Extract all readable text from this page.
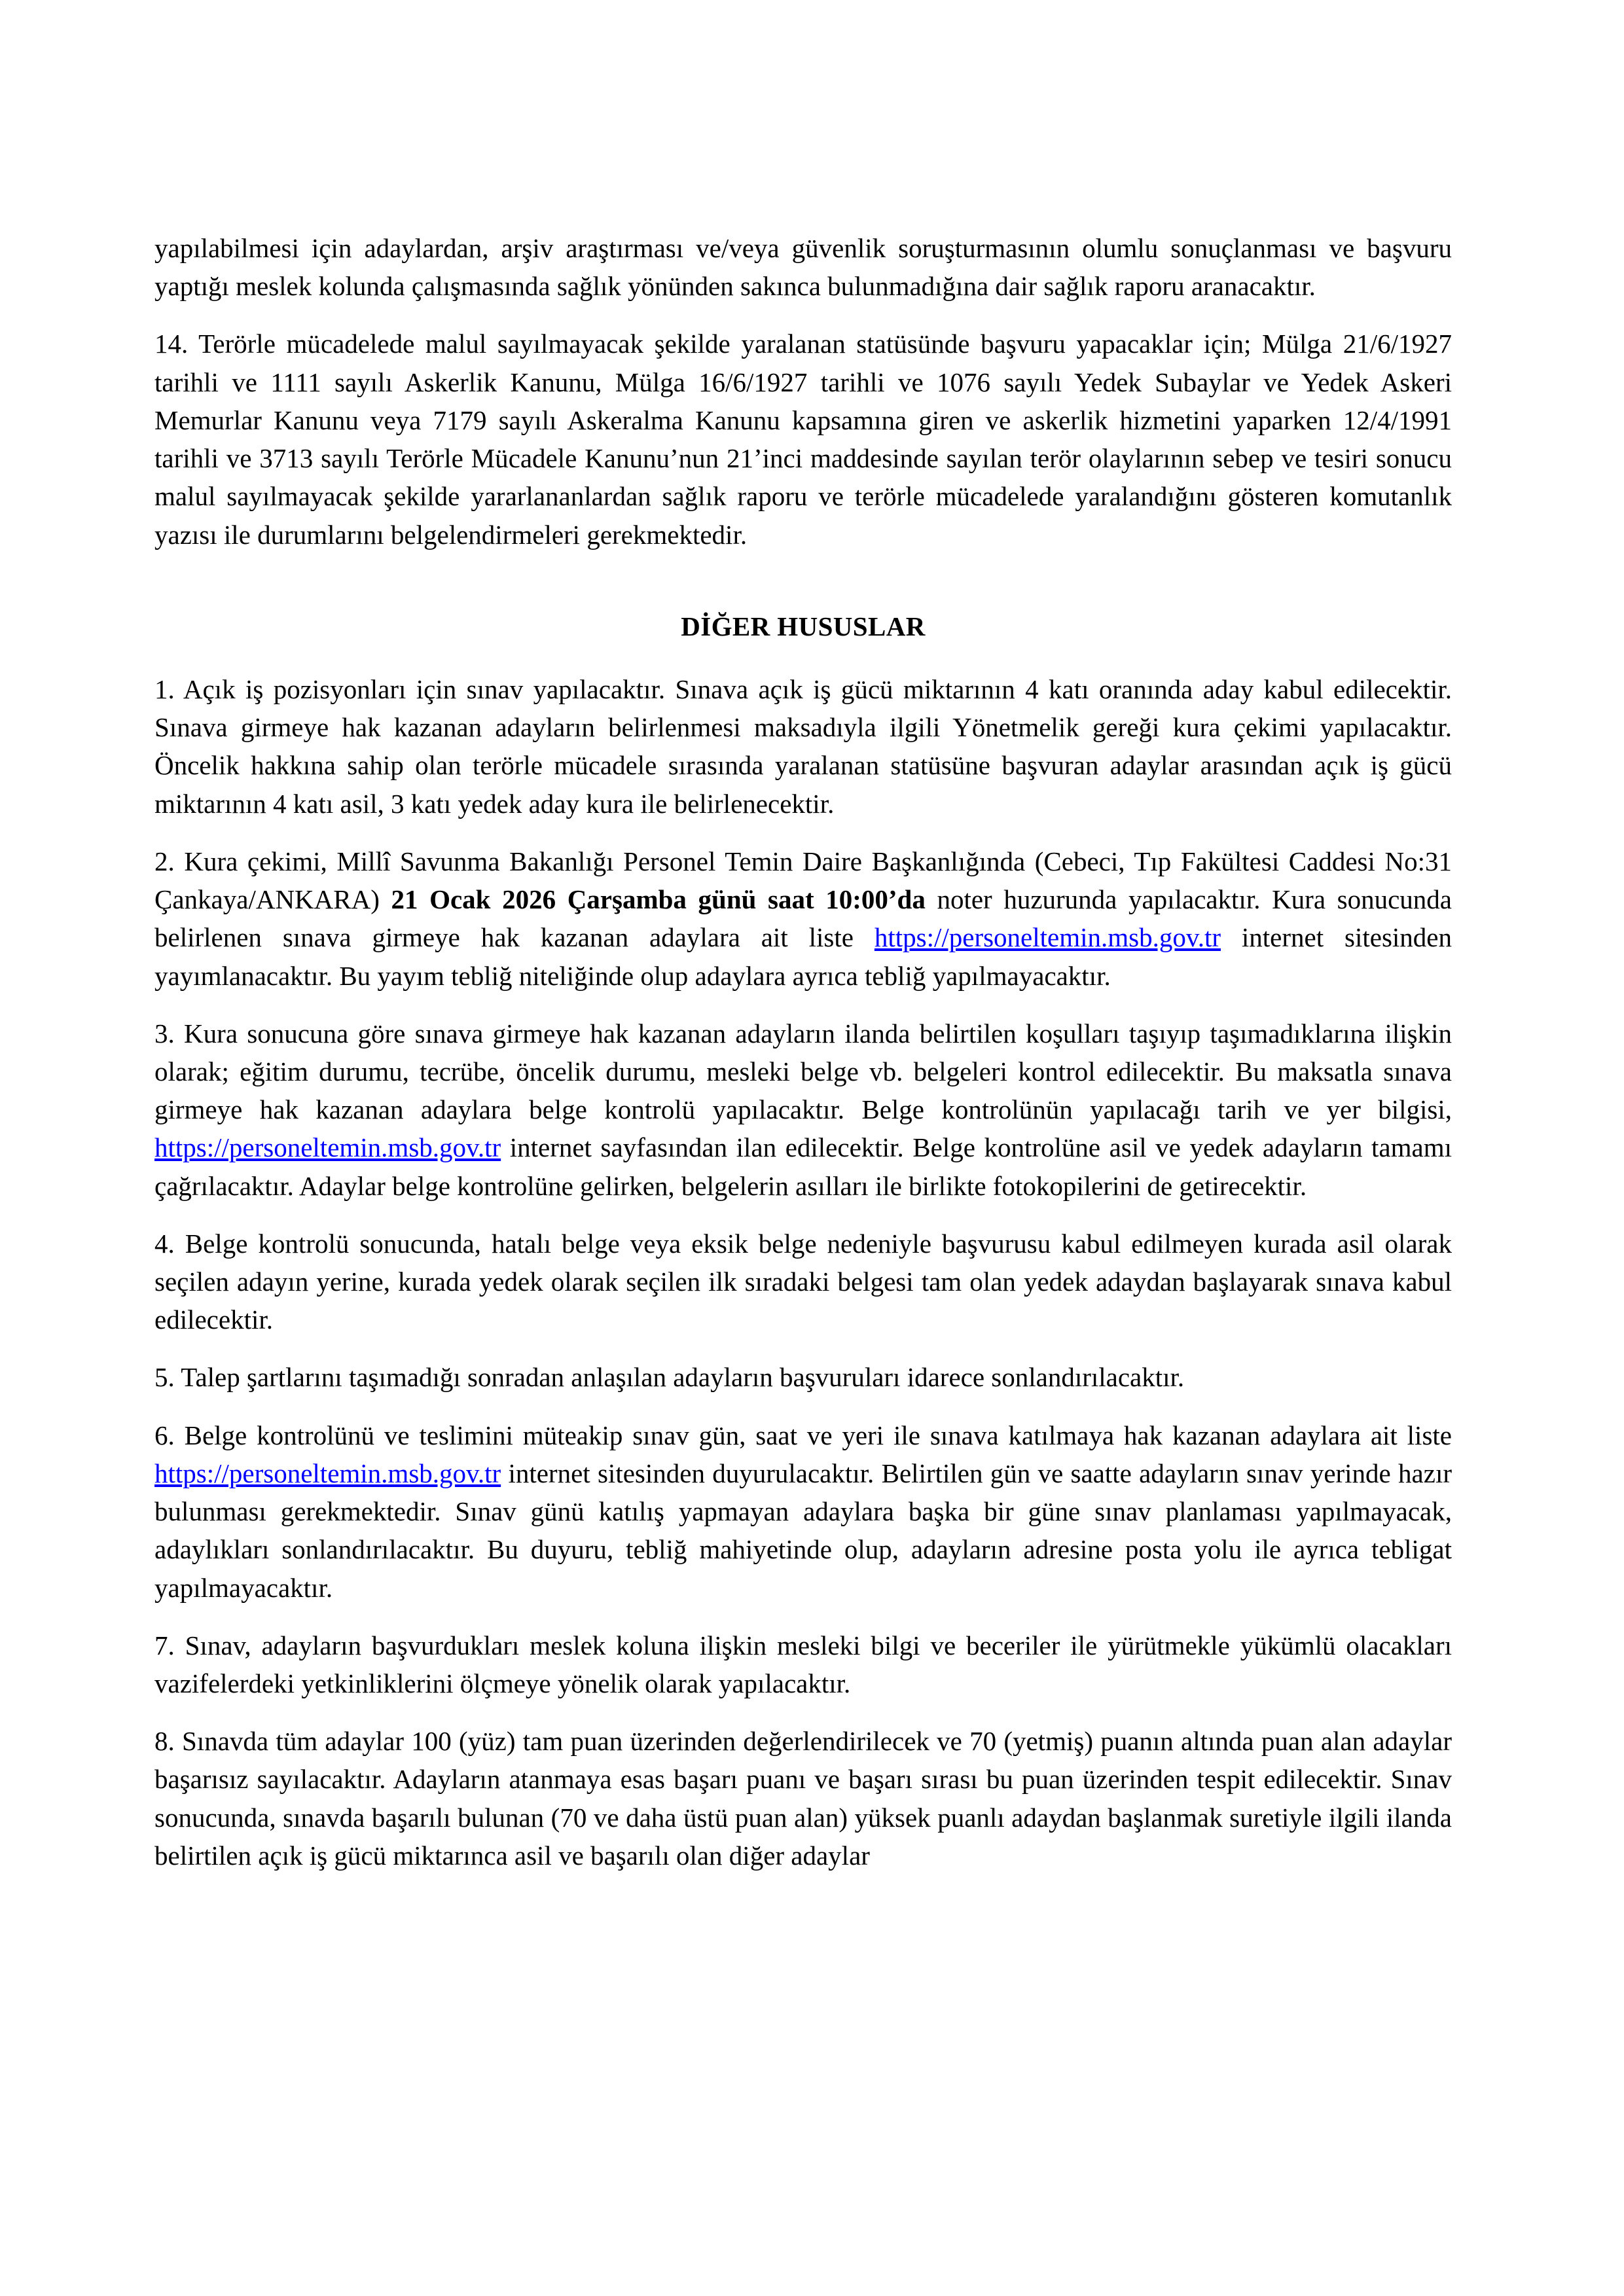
yapılabilmesi için adaylardan, arşiv araştırması ve/veya güvenlik soruşturmasının olumlu sonuçlanması ve başvuru yaptığı meslek kolunda çalışmasında sağlık yönünden sakınca bulunmadığına dair sağlık raporu aranacaktır.

14. Terörle mücadelede malul sayılmayacak şekilde yaralanan statüsünde başvuru yapacaklar için; Mülga 21/6/1927 tarihli ve 1111 sayılı Askerlik Kanunu, Mülga 16/6/1927 tarihli ve 1076 sayılı Yedek Subaylar ve Yedek Askeri Memurlar Kanunu veya 7179 sayılı Askeralma Kanunu kapsamına giren ve askerlik hizmetini yaparken 12/4/1991 tarihli ve 3713 sayılı Terörle Mücadele Kanunu’nun 21’inci maddesinde sayılan terör olaylarının sebep ve tesiri sonucu malul sayılmayacak şekilde yararlananlardan sağlık raporu ve terörle mücadelede yaralandığını gösteren komutanlık yazısı ile durumlarını belgelendirmeleri gerekmektedir.

DİĞER HUSUSLAR

1. Açık iş pozisyonları için sınav yapılacaktır. Sınava açık iş gücü miktarının 4 katı oranında aday kabul edilecektir. Sınava girmeye hak kazanan adayların belirlenmesi maksadıyla ilgili Yönetmelik gereği kura çekimi yapılacaktır. Öncelik hakkına sahip olan terörle mücadele sırasında yaralanan statüsüne başvuran adaylar arasından açık iş gücü miktarının 4 katı asil, 3 katı yedek aday kura ile belirlenecektir.

2. Kura çekimi, Millî Savunma Bakanlığı Personel Temin Daire Başkanlığında (Cebeci, Tıp Fakültesi Caddesi No:31 Çankaya/ANKARA) 21 Ocak 2026 Çarşamba günü saat 10:00’da noter huzurunda yapılacaktır. Kura sonucunda belirlenen sınava girmeye hak kazanan adaylara ait liste https://personeltemin.msb.gov.tr internet sitesinden yayımlanacaktır. Bu yayım tebliğ niteliğinde olup adaylara ayrıca tebliğ yapılmayacaktır.

3. Kura sonucuna göre sınava girmeye hak kazanan adayların ilanda belirtilen koşulları taşıyıp taşımadıklarına ilişkin olarak; eğitim durumu, tecrübe, öncelik durumu, mesleki belge vb. belgeleri kontrol edilecektir. Bu maksatla sınava girmeye hak kazanan adaylara belge kontrolü yapılacaktır. Belge kontrolünün yapılacağı tarih ve yer bilgisi, https://personeltemin.msb.gov.tr internet sayfasından ilan edilecektir. Belge kontrolüne asil ve yedek adayların tamamı çağrılacaktır. Adaylar belge kontrolüne gelirken, belgelerin asılları ile birlikte fotokopilerini de getirecektir.

4. Belge kontrolü sonucunda, hatalı belge veya eksik belge nedeniyle başvurusu kabul edilmeyen kurada asil olarak seçilen adayın yerine, kurada yedek olarak seçilen ilk sıradaki belgesi tam olan yedek adaydan başlayarak sınava kabul edilecektir.

5. Talep şartlarını taşımadığı sonradan anlaşılan adayların başvuruları idarece sonlandırılacaktır.

6. Belge kontrolünü ve teslimini müteakip sınav gün, saat ve yeri ile sınava katılmaya hak kazanan adaylara ait liste https://personeltemin.msb.gov.tr internet sitesinden duyurulacaktır. Belirtilen gün ve saatte adayların sınav yerinde hazır bulunması gerekmektedir. Sınav günü katılış yapmayan adaylara başka bir güne sınav planlaması yapılmayacak, adaylıkları sonlandırılacaktır. Bu duyuru, tebliğ mahiyetinde olup, adayların adresine posta yolu ile ayrıca tebligat yapılmayacaktır.

7. Sınav, adayların başvurdukları meslek koluna ilişkin mesleki bilgi ve beceriler ile yürütmekle yükümlü olacakları vazifelerdeki yetkinliklerini ölçmeye yönelik olarak yapılacaktır.

8. Sınavda tüm adaylar 100 (yüz) tam puan üzerinden değerlendirilecek ve 70 (yetmiş) puanın altında puan alan adaylar başarısız sayılacaktır. Adayların atanmaya esas başarı puanı ve başarı sırası bu puan üzerinden tespit edilecektir. Sınav sonucunda, sınavda başarılı bulunan (70 ve daha üstü puan alan) yüksek puanlı adaydan başlanmak suretiyle ilgili ilanda belirtilen açık iş gücü miktarınca asil ve başarılı olan diğer adaylar
